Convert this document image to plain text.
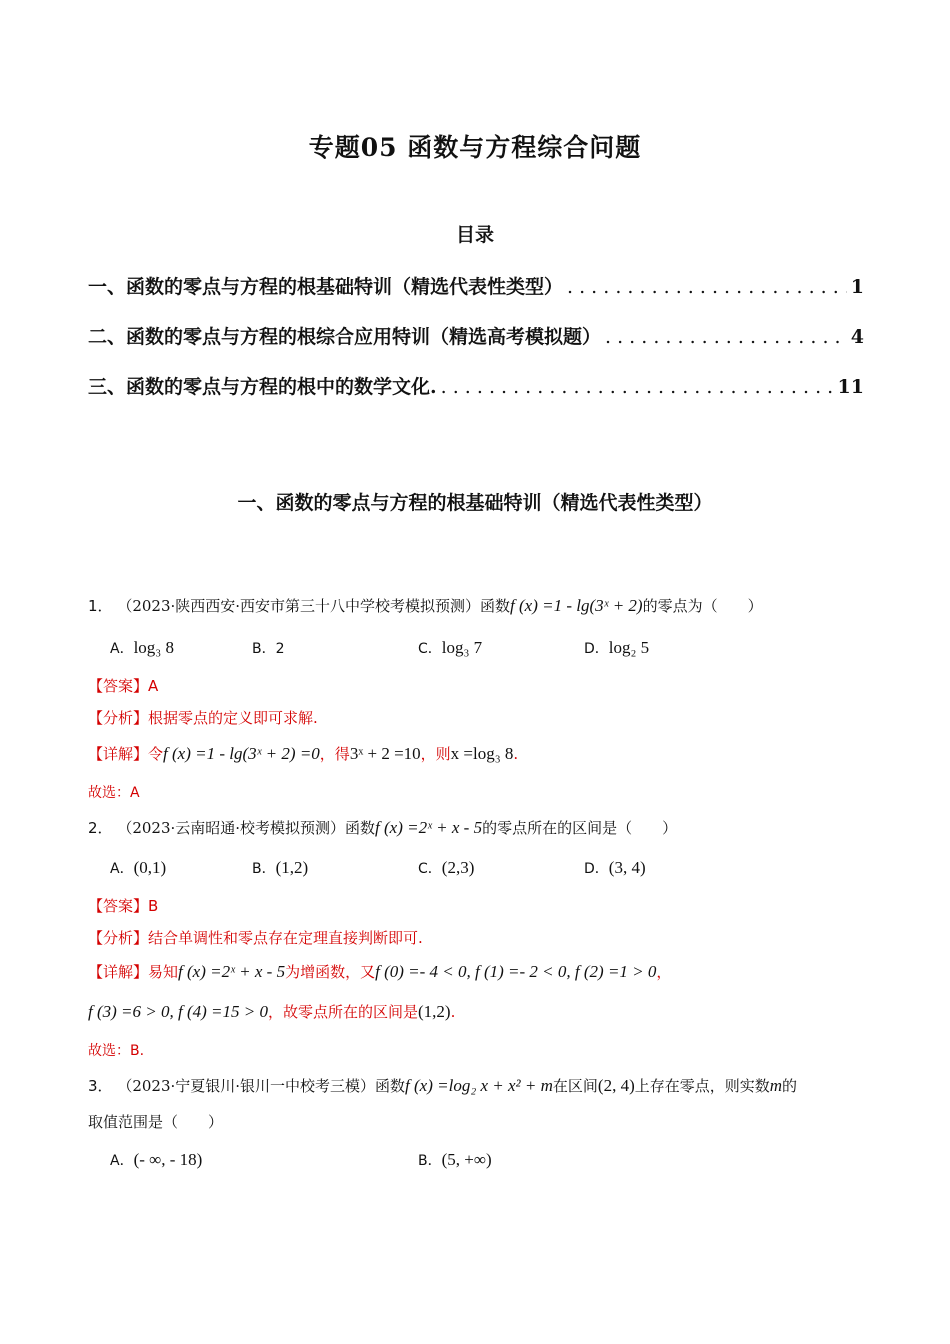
专题05 函数与方程综合问题
目录
一、函数的零点与方程的根基础特训（精选代表性类型） . . .	1
二、函数的零点与方程的根综合应用特训（精选高考模拟题） . . .	4
三、函数的零点与方程的根中的数学文化. . . .	11
一、函数的零点与方程的根基础特训（精选代表性类型）
1． （2023·陕西西安·西安市第三十八中学校考模拟预测）函数f (x) =1 - lg(3ˣ + 2)的零点为（　　）
A．log₃ 8	B．2	C．log₃ 7	D．log₂ 5
【答案】A
【分析】根据零点的定义即可求解.
【详解】令f (x) =1 - lg(3ˣ + 2) =0，得3ˣ + 2 =10，则x =log₃ 8.
故选：A
2． （2023·云南昭通·校考模拟预测）函数f (x) =2ˣ + x - 5的零点所在的区间是（　　）
A．(0,1)	B．(1,2)	C．(2,3)	D．(3, 4)
【答案】B
【分析】结合单调性和零点存在定理直接判断即可.
【详解】易知f (x) =2ˣ + x - 5为增函数，又f (0) =- 4 < 0, f (1) =- 2 < 0, f (2) =1 > 0，
f (3) =6 > 0, f (4) =15 > 0，故零点所在的区间是(1,2).
故选：B.
3． （2023·宁夏银川·银川一中校考三模）函数f (x) =log₂ x + x² + m在区间(2, 4)上存在零点，则实数m的
取值范围是（　　）
A．(- ∞, - 18)	B．(5, +∞)
